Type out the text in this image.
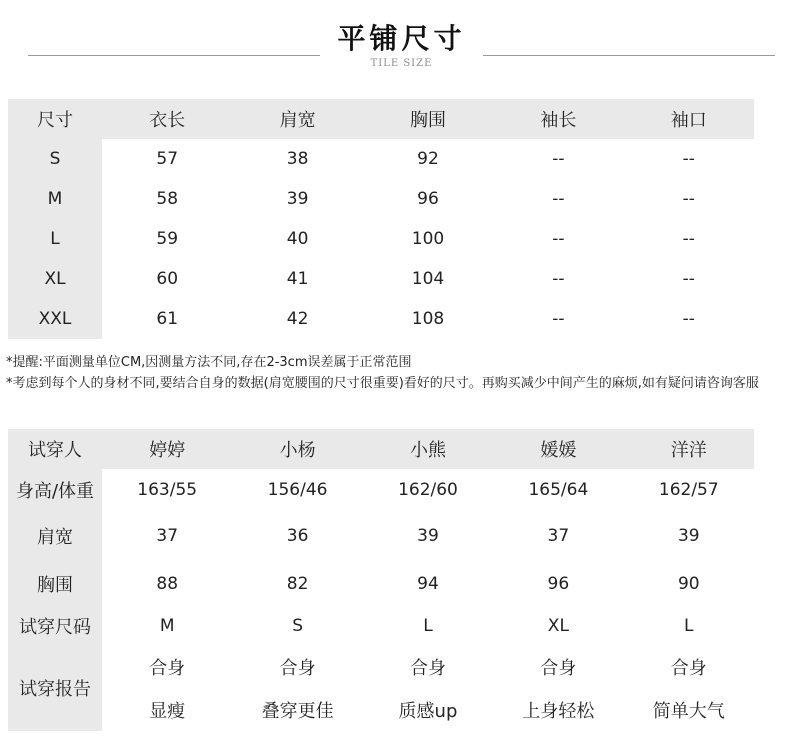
平铺尺寸
TILE SIZE
尺寸	衣长	肩宽	胸围	袖长	袖口
S	57	38	92	--	--
M	58	39	96	--	--
L	59	40	100	--	--
XL	60	41	104	--	--
XXL	61	42	108	--	--
*提醒:平面测量单位CM,因测量方法不同,存在2-3cm误差属于正常范围
*考虑到每个人的身材不同,要结合自身的数据(肩宽腰围的尺寸很重要)看好的尺寸。再购买减少中间产生的麻烦,如有疑问请咨询客服
试穿人	婷婷	小杨	小熊	媛媛	洋洋
身高/体重	163/55	156/46	162/60	165/64	162/57
肩宽	37	36	39	37	39
胸围	88	82	94	96	90
试穿尺码	M	S	L	XL	L
试穿报告	合身	合身	合身	合身	合身
	显瘦	叠穿更佳	质感up	上身轻松	简单大气
